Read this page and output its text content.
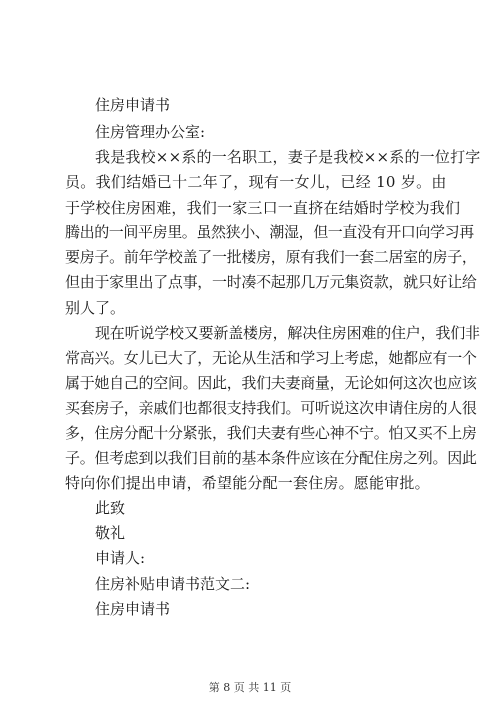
住房申请书
住房管理办公室:
我是我校××系的一名职工，妻子是我校××系的一位打字
员。我们结婚已十二年了，现有一女儿，已经 10 岁。由
于学校住房困难，我们一家三口一直挤在结婚时学校为我们
腾出的一间平房里。虽然狭小、潮湿，但一直没有开口向学习再
要房子。前年学校盖了一批楼房，原有我们一套二居室的房子，
但由于家里出了点事，一时凑不起那几万元集资款，就只好让给
别人了。
现在听说学校又要新盖楼房，解决住房困难的住户，我们非
常高兴。女儿已大了，无论从生活和学习上考虑，她都应有一个
属于她自己的空间。因此，我们夫妻商量，无论如何这次也应该
买套房子，亲戚们也都很支持我们。可听说这次申请住房的人很
多，住房分配十分紧张，我们夫妻有些心神不宁。怕又买不上房
子。但考虑到以我们目前的基本条件应该在分配住房之列。因此
特向你们提出申请，希望能分配一套住房。愿能审批。
此致
敬礼
申请人:
住房补贴申请书范文二:
住房申请书
第 8 页 共 11 页
